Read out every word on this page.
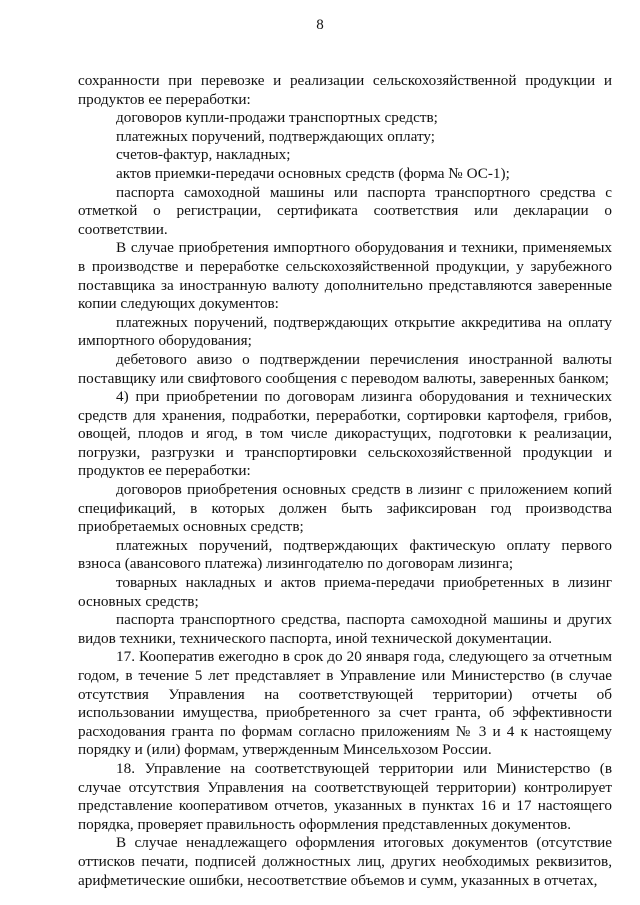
8

сохранности при перевозке и реализации сельскохозяйственной продукции и продуктов ее переработки:

договоров купли-продажи транспортных средств;

платежных поручений, подтверждающих оплату;

счетов-фактур, накладных;

актов приемки-передачи основных средств (форма № ОС-1);

паспорта самоходной машины или паспорта транспортного средства с отметкой о регистрации, сертификата соответствия или декларации о соответствии.

В случае приобретения импортного оборудования и техники, применяемых в производстве и переработке сельскохозяйственной продукции, у зарубежного поставщика за иностранную валюту дополнительно представляются заверенные копии следующих документов:

платежных поручений, подтверждающих открытие аккредитива на оплату импортного оборудования;

дебетового авизо о подтверждении перечисления иностранной валюты поставщику или свифтового сообщения с переводом валюты, заверенных банком;

4) при приобретении по договорам лизинга оборудования и технических средств для хранения, подработки, переработки, сортировки картофеля, грибов, овощей, плодов и ягод, в том числе дикорастущих, подготовки к реализации, погрузки, разгрузки и транспортировки сельскохозяйственной продукции и продуктов ее переработки:

договоров приобретения основных средств в лизинг с приложением копий спецификаций, в которых должен быть зафиксирован год производства приобретаемых основных средств;

платежных поручений, подтверждающих фактическую оплату первого взноса (авансового платежа) лизингодателю по договорам лизинга;

товарных накладных и актов приема-передачи приобретенных в лизинг основных средств;

паспорта транспортного средства, паспорта самоходной машины и других видов техники, технического паспорта, иной технической документации.

17. Кооператив ежегодно в срок до 20 января года, следующего за отчетным годом, в течение 5 лет представляет в Управление или Министерство (в случае отсутствия Управления на соответствующей территории) отчеты об использовании имущества, приобретенного за счет гранта, об эффективности расходования гранта по формам согласно приложениям № 3 и 4 к настоящему порядку и (или) формам, утвержденным Минсельхозом России.

18. Управление на соответствующей территории или Министерство (в случае отсутствия Управления на соответствующей территории) контролирует представление кооперативом отчетов, указанных в пунктах 16 и 17 настоящего порядка, проверяет правильность оформления представленных документов.

В случае ненадлежащего оформления итоговых документов (отсутствие оттисков печати, подписей должностных лиц, других необходимых реквизитов, арифметические ошибки, несоответствие объемов и сумм, указанных в отчетах,
